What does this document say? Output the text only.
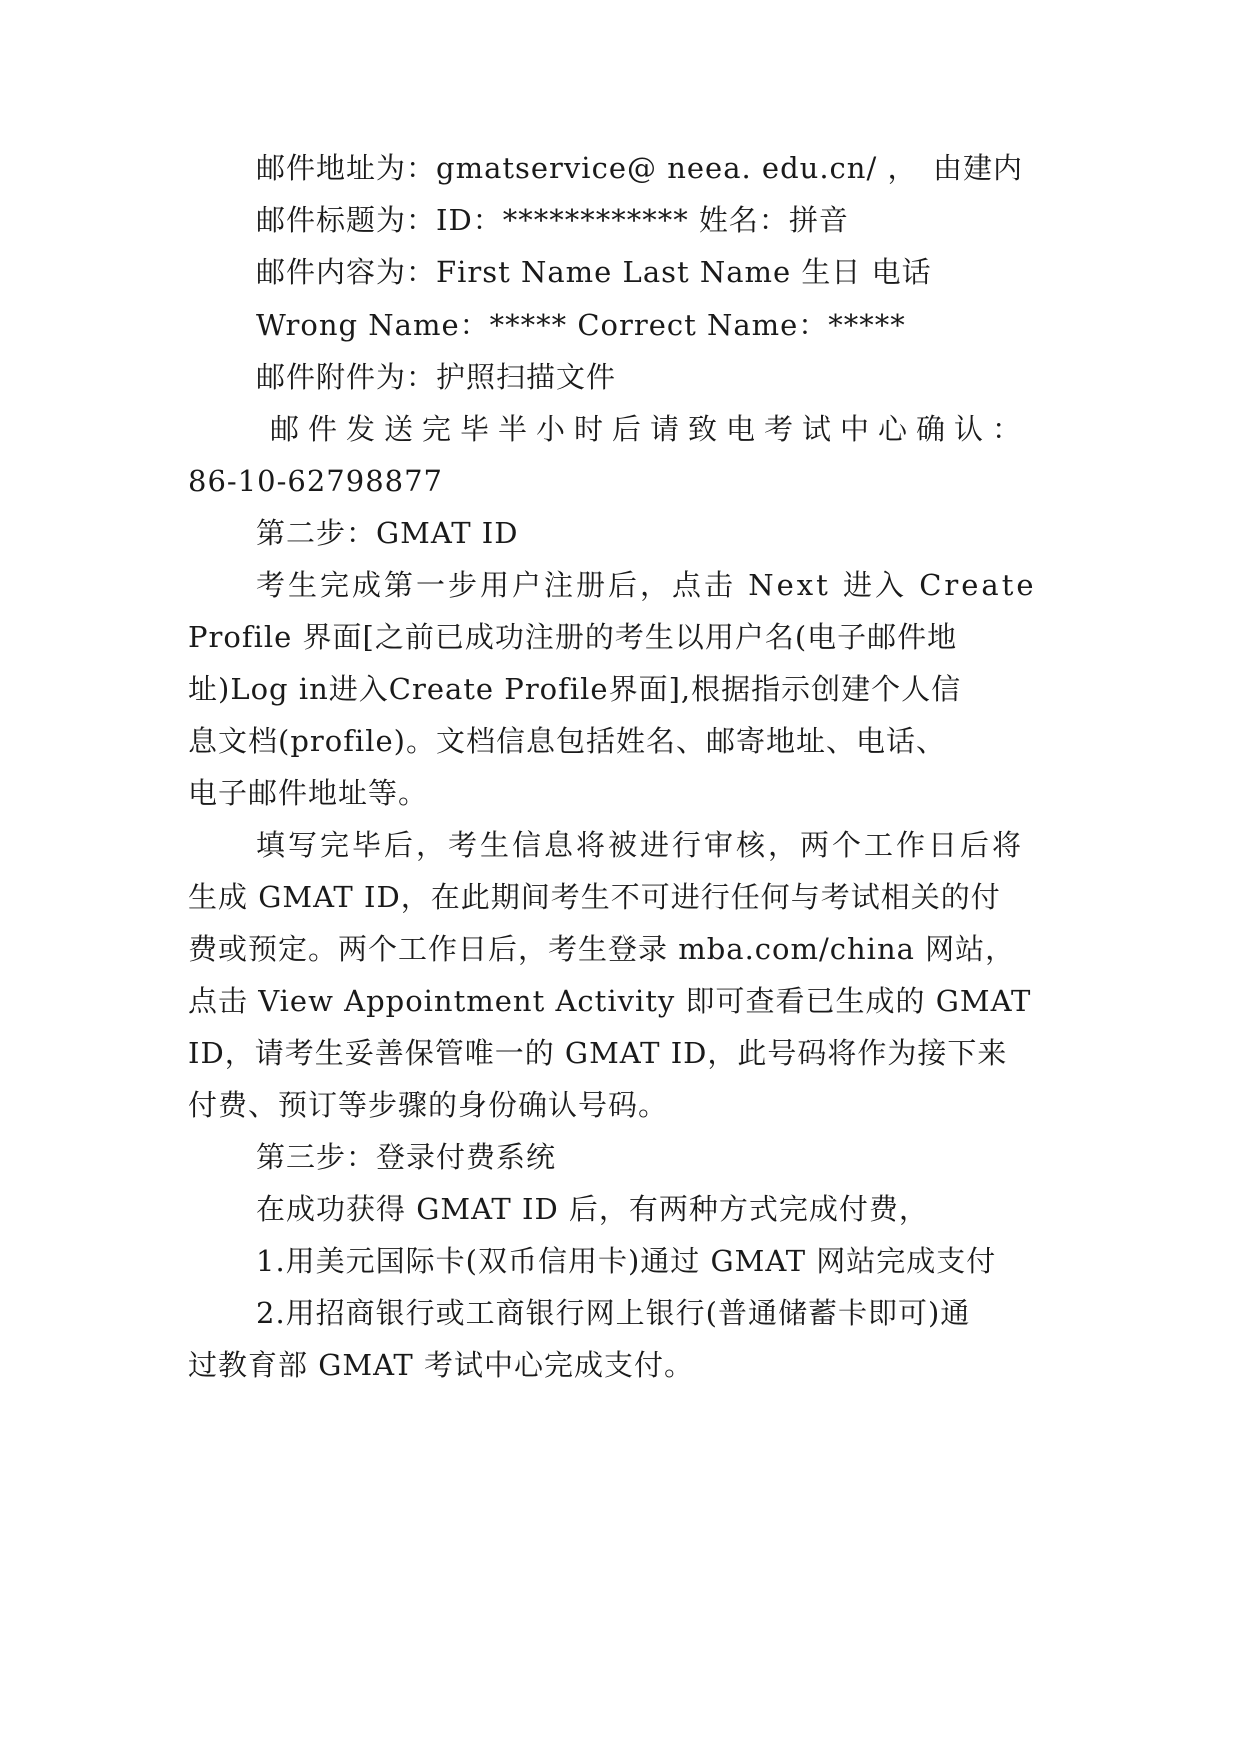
邮件地址为：gmatservice@ neea. edu.cn/ ，　由建内
邮件标题为：ID：************ 姓名：拼音
邮件内容为：First Name Last Name 生日 电话
Wrong Name：***** Correct Name：*****
邮件附件为：护照扫描文件
邮件发送完毕半小时后请致电考试中心确认：
86-10-62798877
第二步：GMAT ID
考生完成第一步用户注册后，点击 Next 进入 Create
Profile 界面[之前已成功注册的考生以用户名(电子邮件地
址)Log in进入Create Profile界面],根据指示创建个人信
息文档(profile)。文档信息包括姓名、邮寄地址、电话、
电子邮件地址等。
填写完毕后，考生信息将被进行审核，两个工作日后将
生成 GMAT ID，在此期间考生不可进行任何与考试相关的付
费或预定。两个工作日后，考生登录 mba.com/china 网站，
点击 View Appointment Activity 即可查看已生成的 GMAT
ID，请考生妥善保管唯一的 GMAT ID，此号码将作为接下来
付费、预订等步骤的身份确认号码。
第三步：登录付费系统
在成功获得 GMAT ID 后，有两种方式完成付费，
1.用美元国际卡(双币信用卡)通过 GMAT 网站完成支付
2.用招商银行或工商银行网上银行(普通储蓄卡即可)通
过教育部 GMAT 考试中心完成支付。
